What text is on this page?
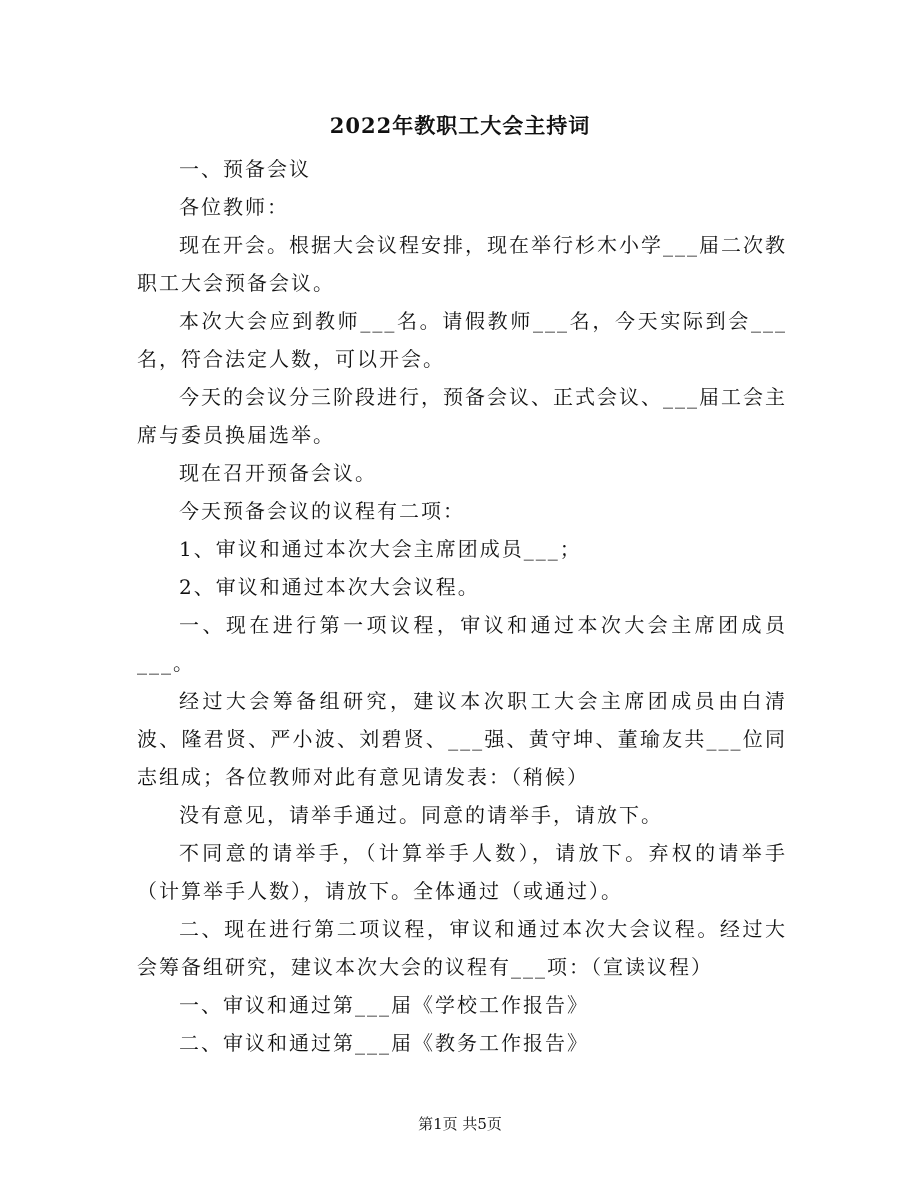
2022年教职工大会主持词

一、预备会议

各位教师：

现在开会。根据大会议程安排，现在举行杉木小学___届二次教职工大会预备会议。

本次大会应到教师___名。请假教师___名，今天实际到会___名，符合法定人数，可以开会。

今天的会议分三阶段进行，预备会议、正式会议、___届工会主席与委员换届选举。

现在召开预备会议。

今天预备会议的议程有二项：

1、审议和通过本次大会主席团成员___；

2、审议和通过本次大会议程。

一、现在进行第一项议程，审议和通过本次大会主席团成员___。

经过大会筹备组研究，建议本次职工大会主席团成员由白清波、隆君贤、严小波、刘碧贤、___强、黄守坤、董瑜友共___位同志组成；各位教师对此有意见请发表：（稍候）

没有意见，请举手通过。同意的请举手，请放下。

不同意的请举手，（计算举手人数），请放下。弃权的请举手（计算举手人数），请放下。全体通过（或通过）。

二、现在进行第二项议程，审议和通过本次大会议程。经过大会筹备组研究，建议本次大会的议程有___项：（宣读议程）

一、审议和通过第___届《学校工作报告》

二、审议和通过第___届《教务工作报告》

第1页 共5页
